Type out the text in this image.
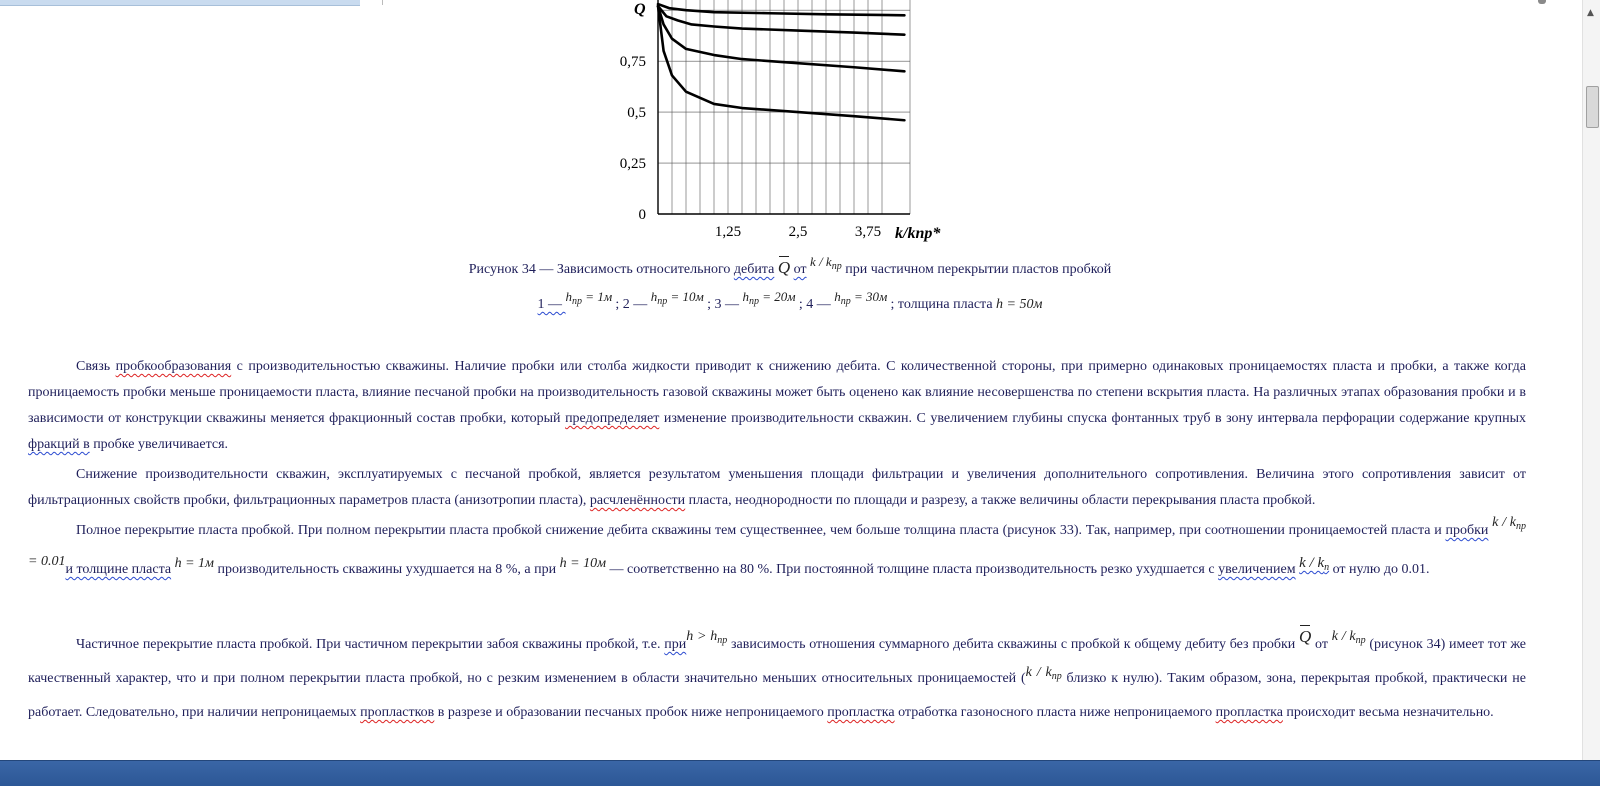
0,75
0,5
0,25
0
1,25	2,5	3,75
Q
k/kпр*
Рисунок 34 — Зависимость относительного дебита Q от k / $k_{пр}$ при частичном перекрытии пластов пробкой
1 — $h_{пр} = 1м$ ; 2 — $h_{пр} = 10м$ ; 3 — $h_{пр} = 20м$ ; 4 — $h_{пр} = 30м$ ; толщина пласта h = 50м
Связь пробкообразования с производительностью скважины. Наличие пробки или столба жидкости приводит к снижению дебита. С количественной стороны, при примерно одинаковых проницаемостях пласта и пробки, а также когда проницаемость пробки меньше проницаемости пласта, влияние песчаной пробки на производительность газовой скважины может быть оценено как влияние несовершенства по степени вскрытия пласта. На различных этапах образования пробки и в зависимости от конструкции скважины меняется фракционный состав пробки, который предопределяет изменение производительности скважин. С увеличением глубины спуска фонтанных труб в зону интервала перфорации содержание крупных фракций в пробке увеличивается.
Снижение производительности скважин, эксплуатируемых с песчаной пробкой, является результатом уменьшения площади фильтрации и увеличения дополнительного сопротивления. Величина этого сопротивления зависит от фильтрационных свойств пробки, фильтрационных параметров пласта (анизотропии пласта), расчленённости пласта, неоднородности по площади и разрезу, а также величины области перекрывания пласта пробкой.
Полное перекрытие пласта пробкой. При полном перекрытии пласта пробкой снижение дебита скважины тем существеннее, чем больше толщина пласта (рисунок 33). Так, например, при соотношении проницаемостей пласта и пробки $k / k_{пр} = 0.01и$ толщине пласта h = 1м производительность скважины ухудшается на 8 %, а при h = 10м — соответственно на 80 %. При постоянной толщине пласта производительность резко ухудшается с увеличением k / $k_п$ от нулю до 0.01.
Частичное перекрытие пласта пробкой. При частичном перекрытии забоя скважины пробкой, т.е. приh > $h_{пр}$ зависимость отношения суммарного дебита скважины с пробкой к общему дебиту без пробки Q от k / $k_{пр}$ (рисунок 34) имеет тот же качественный характер, что и при полном перекрытии пласта пробкой, но с резким изменением в области значительно меньших относительных проницаемостей ($k / k_{пр}$ близко к нулю). Таким образом, зона, перекрытая пробкой, практически не работает. Следовательно, при наличии непроницаемых пропластков в разрезе и образовании песчаных пробок ниже непроницаемого пропластка отработка газоносного пласта ниже непроницаемого пропластка происходит весьма незначительно.
▲
